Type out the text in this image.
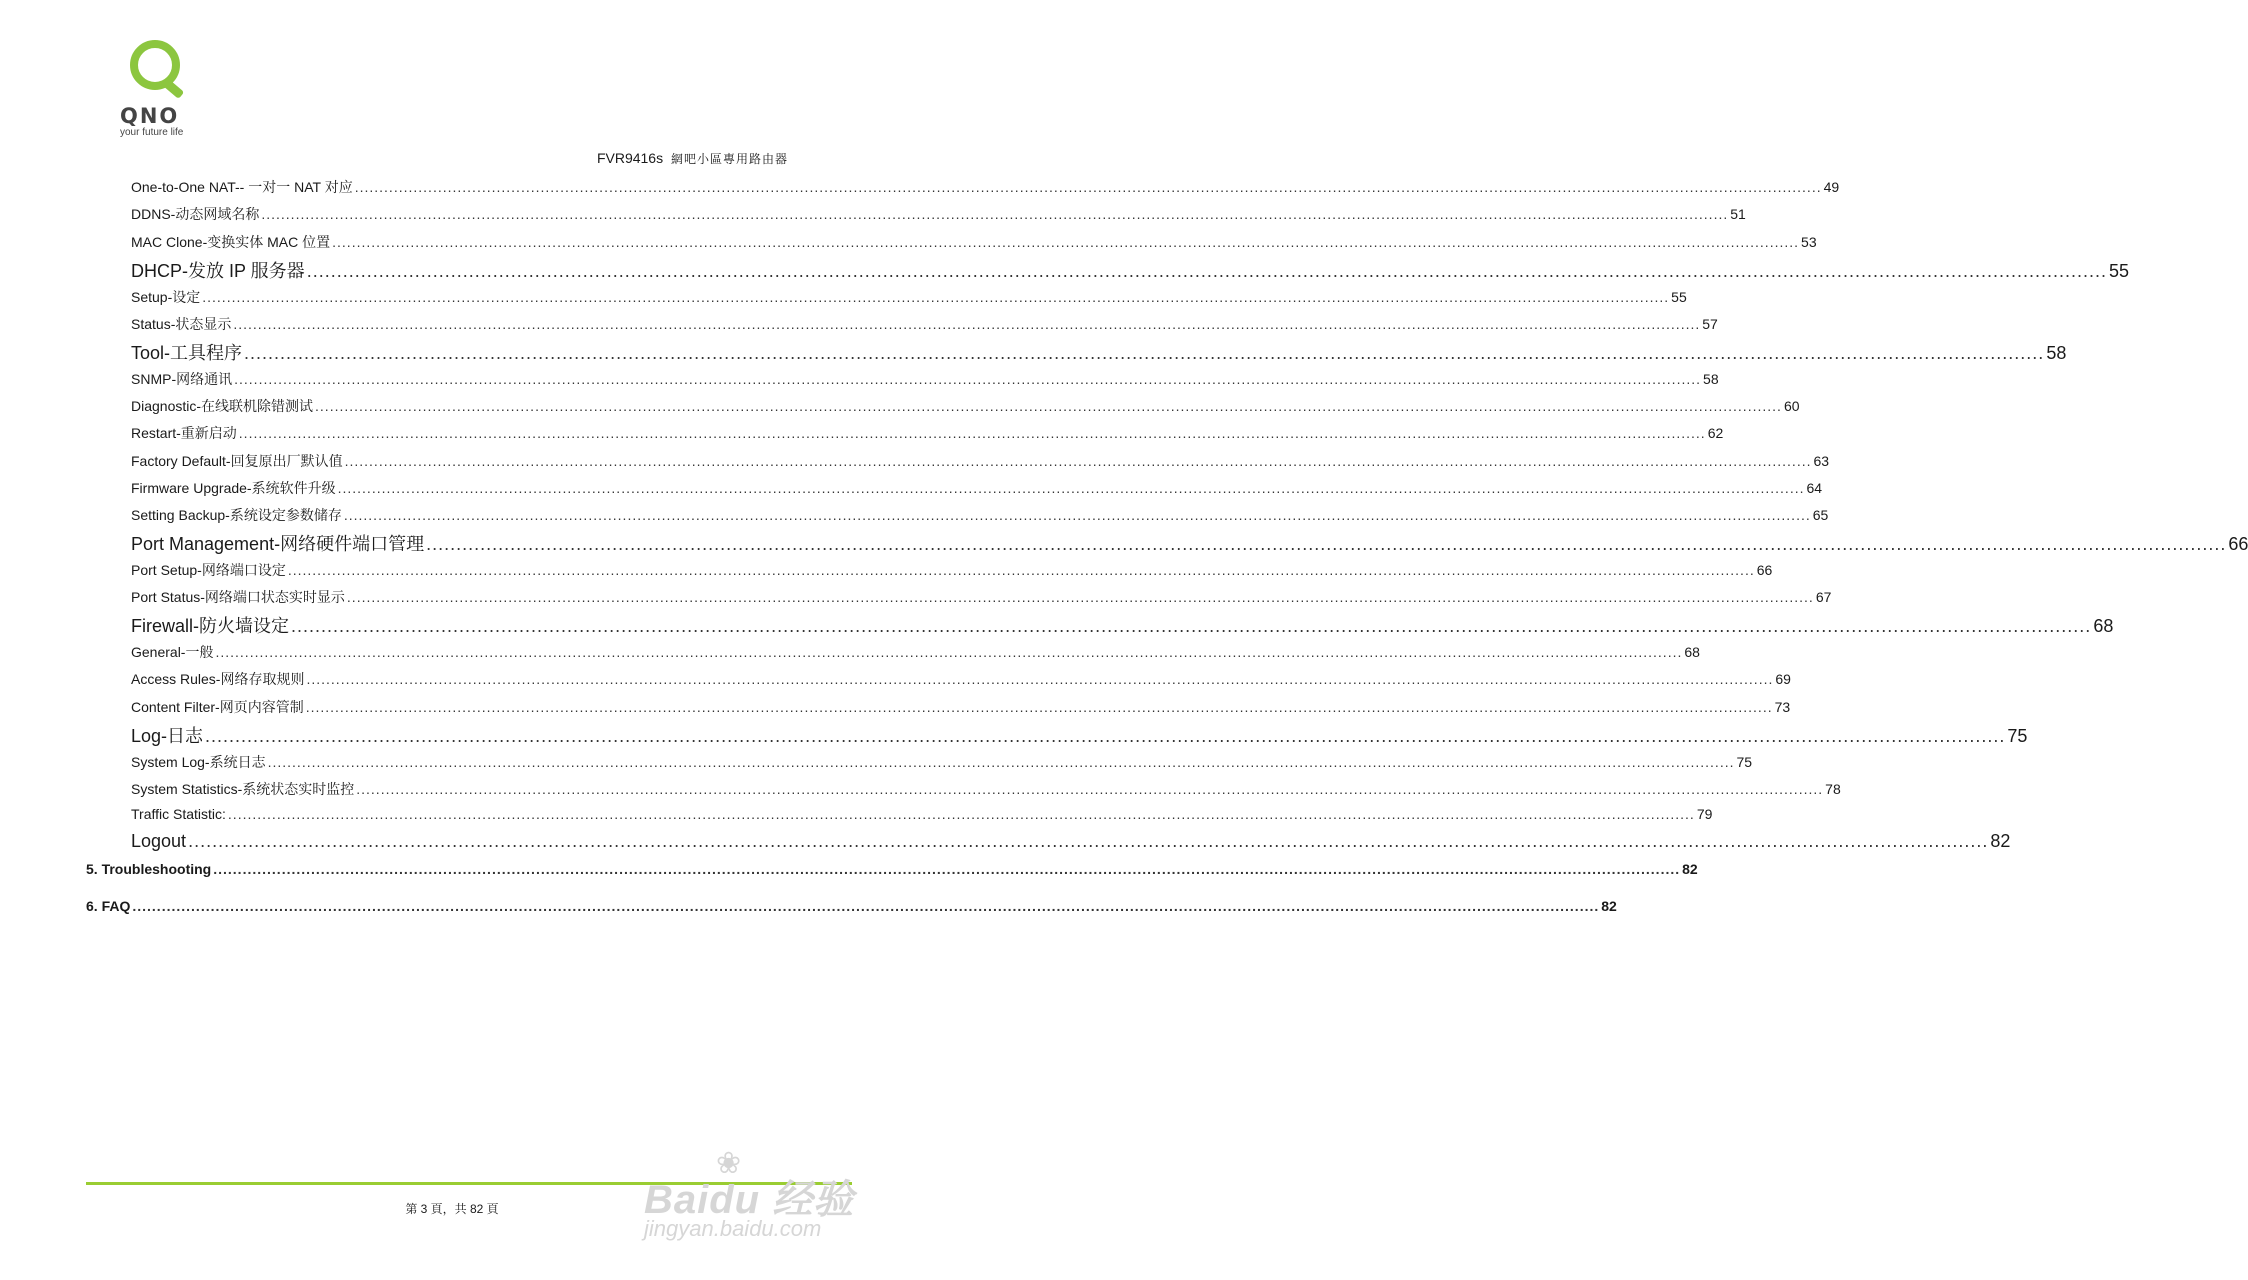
QNO
your future life
FVR9416s 網吧小區專用路由器
One-to-One NAT-- 一对一 NAT 对应 ............................................................................................................................................................................................................................................................................................................ 49
DDNS-动态网域名称 ............................................................................................................................................................................................................................................................................................................ 51
MAC Clone-变换实体 MAC 位置 ............................................................................................................................................................................................................................................................................................................ 53
DHCP-发放 IP 服务器 ............................................................................................................................................................................................................................................................................................................ 55
Setup-设定 ............................................................................................................................................................................................................................................................................................................ 55
Status-状态显示 ............................................................................................................................................................................................................................................................................................................ 57
Tool-工具程序 ............................................................................................................................................................................................................................................................................................................ 58
SNMP-网络通讯 ............................................................................................................................................................................................................................................................................................................ 58
Diagnostic-在线联机除错测试 ............................................................................................................................................................................................................................................................................................................ 60
Restart-重新启动 ............................................................................................................................................................................................................................................................................................................ 62
Factory Default-回复原出厂默认值 ............................................................................................................................................................................................................................................................................................................ 63
Firmware Upgrade-系统软件升级 ............................................................................................................................................................................................................................................................................................................ 64
Setting Backup-系统设定参数储存 ............................................................................................................................................................................................................................................................................................................ 65
Port Management-网络硬件端口管理 ............................................................................................................................................................................................................................................................................................................ 66
Port Setup-网络端口设定 ............................................................................................................................................................................................................................................................................................................ 66
Port Status-网络端口状态实时显示 ............................................................................................................................................................................................................................................................................................................ 67
Firewall-防火墙设定 ............................................................................................................................................................................................................................................................................................................ 68
General-一般 ............................................................................................................................................................................................................................................................................................................ 68
Access Rules-网络存取规则 ............................................................................................................................................................................................................................................................................................................ 69
Content Filter-网页内容管制 ............................................................................................................................................................................................................................................................................................................ 73
Log-日志 ............................................................................................................................................................................................................................................................................................................ 75
System Log-系统日志 ............................................................................................................................................................................................................................................................................................................ 75
System Statistics-系统状态实时监控 ............................................................................................................................................................................................................................................................................................................ 78
Traffic Statistic: ............................................................................................................................................................................................................................................................................................................ 79
Logout ............................................................................................................................................................................................................................................................................................................ 82
5. Troubleshooting ............................................................................................................................................................................................................................................................................................................ 82
6. FAQ ............................................................................................................................................................................................................................................................................................................ 82
第 3 頁，共 82 頁
❀
Baidu 经验
jingyan.baidu.com
